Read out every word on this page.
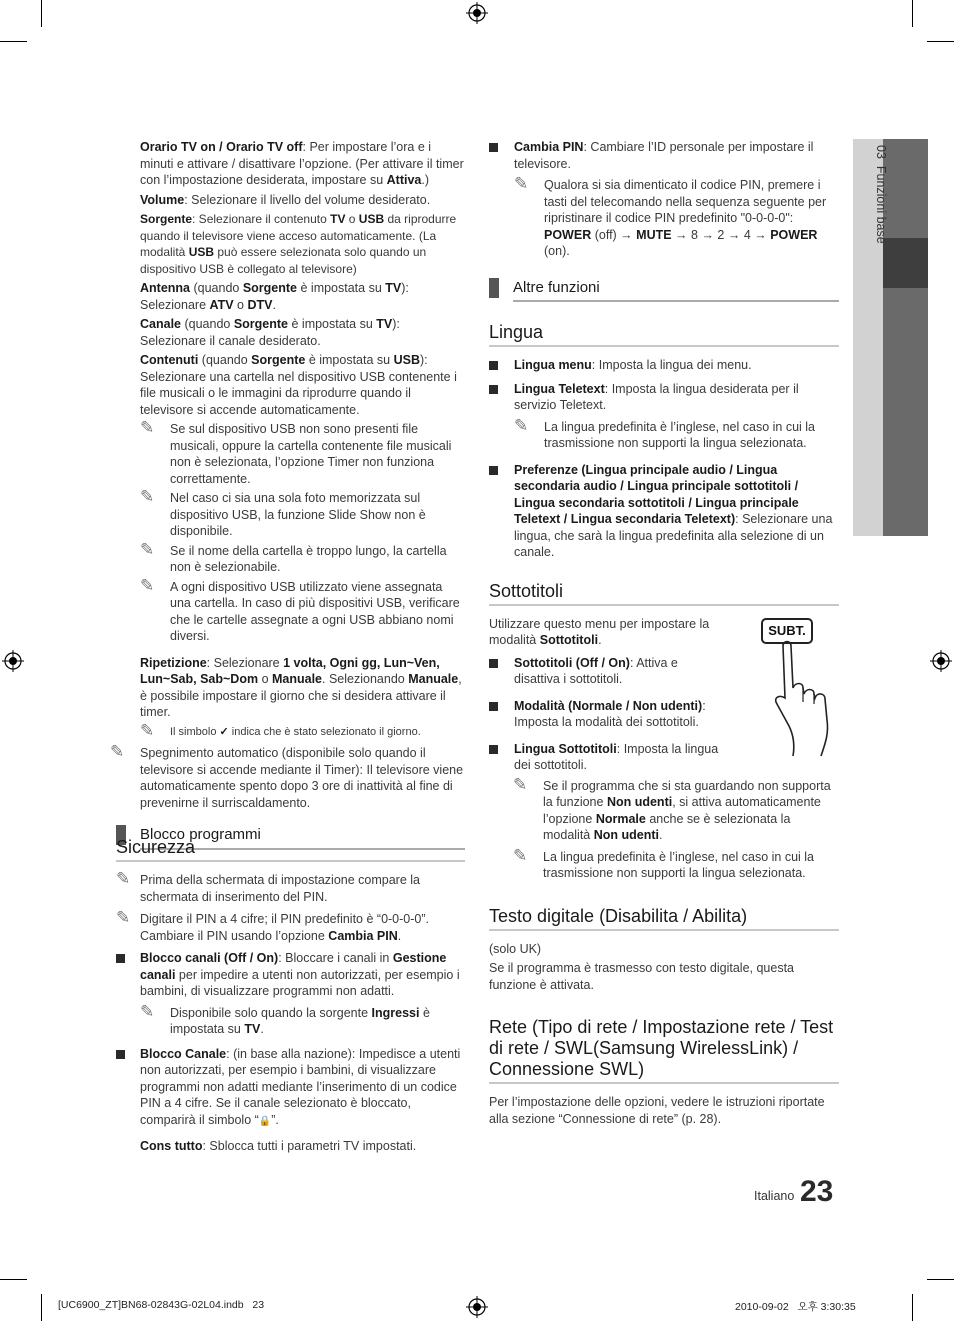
03  Funzioni base

Orario TV on / Orario TV off: Per impostare l’ora e i minuti e attivare / disattivare l’opzione. (Per attivare il timer con l’impostazione desiderata, impostare su Attiva.)

Volume: Selezionare il livello del volume desiderato.

Sorgente: Selezionare il contenuto TV o USB da riprodurre quando il televisore viene acceso automaticamente. (La modalità USB può essere selezionata solo quando un dispositivo USB è collegato al televisore)

Antenna (quando Sorgente è impostata su TV): Selezionare ATV o DTV.

Canale (quando Sorgente è impostata su TV): Selezionare il canale desiderato.

Contenuti (quando Sorgente è impostata su USB): Selezionare una cartella nel dispositivo USB contenente i file musicali o le immagini da riprodurre quando il televisore si accende automaticamente.

✎ Se sul dispositivo USB non sono presenti file musicali, oppure la cartella contenente file musicali non è selezionata, l’opzione Timer non funziona correttamente.
✎ Nel caso ci sia una sola foto memorizzata sul dispositivo USB, la funzione Slide Show non è disponibile.
✎ Se il nome della cartella è troppo lungo, la cartella non è selezionabile.
✎ A ogni dispositivo USB utilizzato viene assegnata una cartella. In caso di più dispositivi USB, verificare che le cartelle assegnate a ogni USB abbiano nomi diversi.

Ripetizione: Selezionare 1 volta, Ogni gg, Lun~Ven, Lun~Sab, Sab~Dom o Manuale. Selezionando Manuale, è possibile impostare il giorno che si desidera attivare il timer.

✎ Il simbolo ✓ indica che è stato selezionato il giorno.
✎ Spegnimento automatico (disponibile solo quando il televisore si accende mediante il Timer): Il televisore viene automaticamente spento dopo 3 ore di inattività al fine di prevenirne il surriscaldamento.
Blocco programmi
Sicurezza
✎ Prima della schermata di impostazione compare la schermata di inserimento del PIN.
✎ Digitare il PIN a 4 cifre; il PIN predefinito è “0-0-0-0”. Cambiare il PIN usando l’opzione Cambia PIN.
Blocco canali (Off / On): Bloccare i canali in Gestione canali per impedire a utenti non autorizzati, per esempio i bambini, di visualizzare programmi non adatti.
✎ Disponibile solo quando la sorgente Ingressi è impostata su TV.
Blocco Canale: (in base alla nazione): Impedisce a utenti non autorizzati, per esempio i bambini, di visualizzare programmi non adatti mediante l’inserimento di un codice PIN a 4 cifre. Se il canale selezionato è bloccato, comparirà il simbolo “🔒”.

Cons tutto: Sblocca tutti i parametri TV impostati.

Cambia PIN: Cambiare l’ID personale per impostare il televisore.
✎ Qualora si sia dimenticato il codice PIN, premere i tasti del telecomando nella sequenza seguente per ripristinare il codice PIN predefinito "0-0-0-0": POWER (off) → MUTE → 8 → 2 → 4 → POWER (on).
Altre funzioni
Lingua
Lingua menu: Imposta la lingua dei menu.
Lingua Teletext: Imposta la lingua desiderata per il servizio Teletext.
✎ La lingua predefinita è l’inglese, nel caso in cui la trasmissione non supporti la lingua selezionata.
Preferenze (Lingua principale audio / Lingua secondaria audio / Lingua principale sottotitoli / Lingua secondaria sottotitoli / Lingua principale Teletext / Lingua secondaria Teletext): Selezionare una lingua, che sarà la lingua predefinita alla selezione di un canale.
Sottotitoli

Utilizzare questo menu per impostare la modalità Sottotitoli.

Sottotitoli (Off / On): Attiva e disattiva i sottotitoli.
Modalità (Normale / Non udenti): Imposta la modalità dei sottotitoli.
Lingua Sottotitoli: Imposta la lingua dei sottotitoli.
SUBT.
✎ Se il programma che si sta guardando non supporta la funzione Non udenti, si attiva automaticamente l’opzione Normale anche se è selezionata la modalità Non udenti.
✎ La lingua predefinita è l’inglese, nel caso in cui la trasmissione non supporti la lingua selezionata.
Testo digitale (Disabilita / Abilita)

(solo UK)

Se il programma è trasmesso con testo digitale, questa funzione è attivata.

Rete (Tipo di rete / Impostazione rete / Test di rete / SWL(Samsung WirelessLink) / Connessione SWL)

Per l’impostazione delle opzioni, vedere le istruzioni riportate alla sezione “Connessione di rete” (p. 28).

Italiano 23
[UC6900_ZT]BN68-02843G-02L04.indb   23	2010-09-02   오후 3:30:35
